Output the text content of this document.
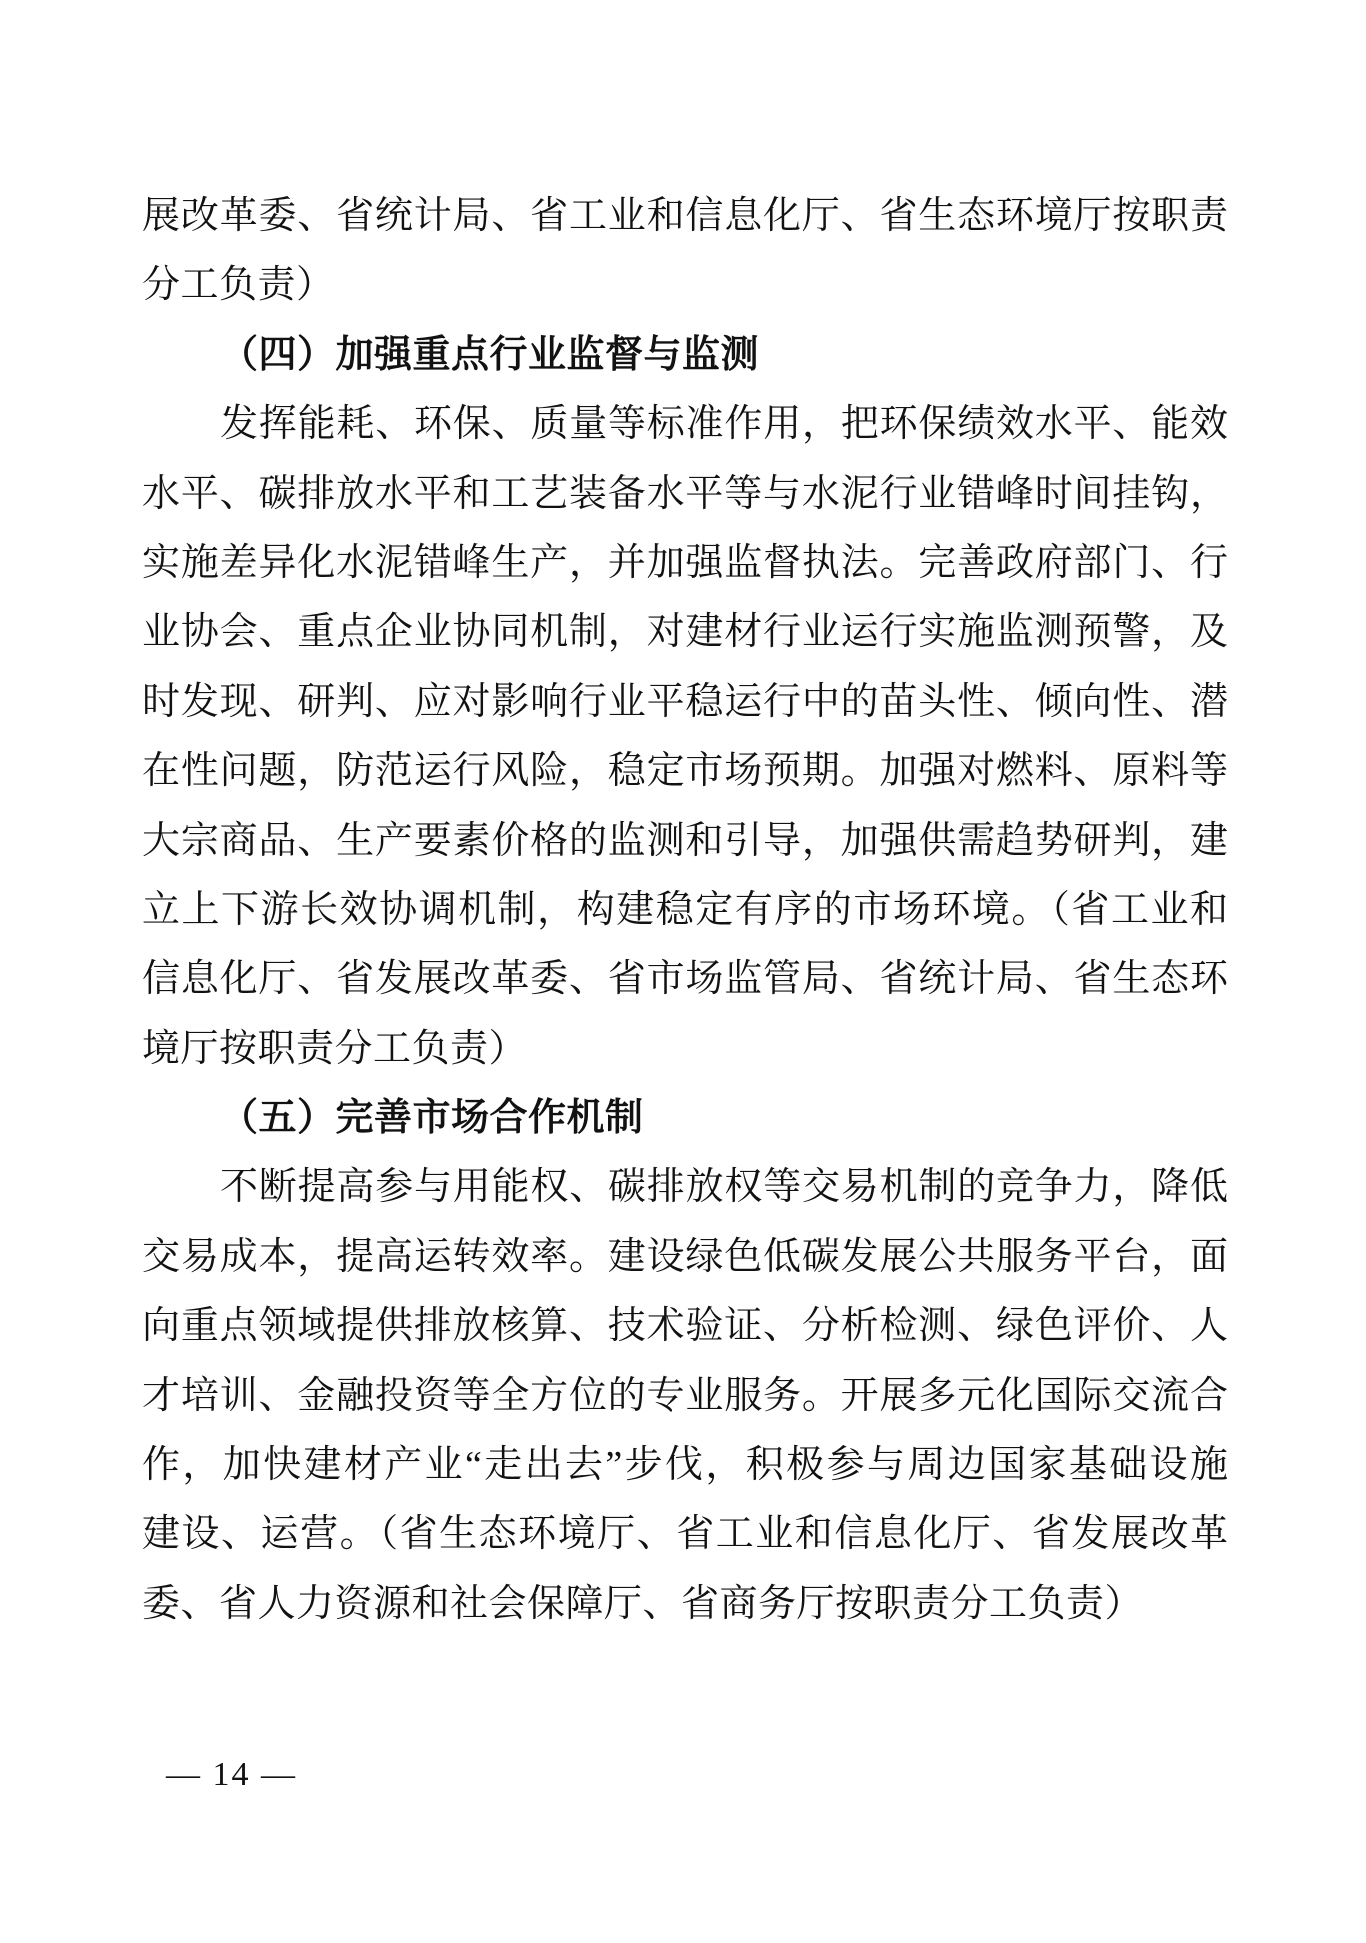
展改革委、省统计局、省工业和信息化厅、省生态环境厅按职责
分工负责）
（四）加强重点行业监督与监测
发挥能耗、环保、质量等标准作用，把环保绩效水平、能效
水平、碳排放水平和工艺装备水平等与水泥行业错峰时间挂钩，
实施差异化水泥错峰生产，并加强监督执法。完善政府部门、行
业协会、重点企业协同机制，对建材行业运行实施监测预警，及
时发现、研判、应对影响行业平稳运行中的苗头性、倾向性、潜
在性问题，防范运行风险，稳定市场预期。加强对燃料、原料等
大宗商品、生产要素价格的监测和引导，加强供需趋势研判，建
立上下游长效协调机制，构建稳定有序的市场环境。（省工业和
信息化厅、省发展改革委、省市场监管局、省统计局、省生态环
境厅按职责分工负责）
（五）完善市场合作机制
不断提高参与用能权、碳排放权等交易机制的竞争力，降低
交易成本，提高运转效率。建设绿色低碳发展公共服务平台，面
向重点领域提供排放核算、技术验证、分析检测、绿色评价、人
才培训、金融投资等全方位的专业服务。开展多元化国际交流合
作，加快建材产业“走出去”步伐，积极参与周边国家基础设施
建设、运营。（省生态环境厅、省工业和信息化厅、省发展改革
委、省人力资源和社会保障厅、省商务厅按职责分工负责）
— 14 —
